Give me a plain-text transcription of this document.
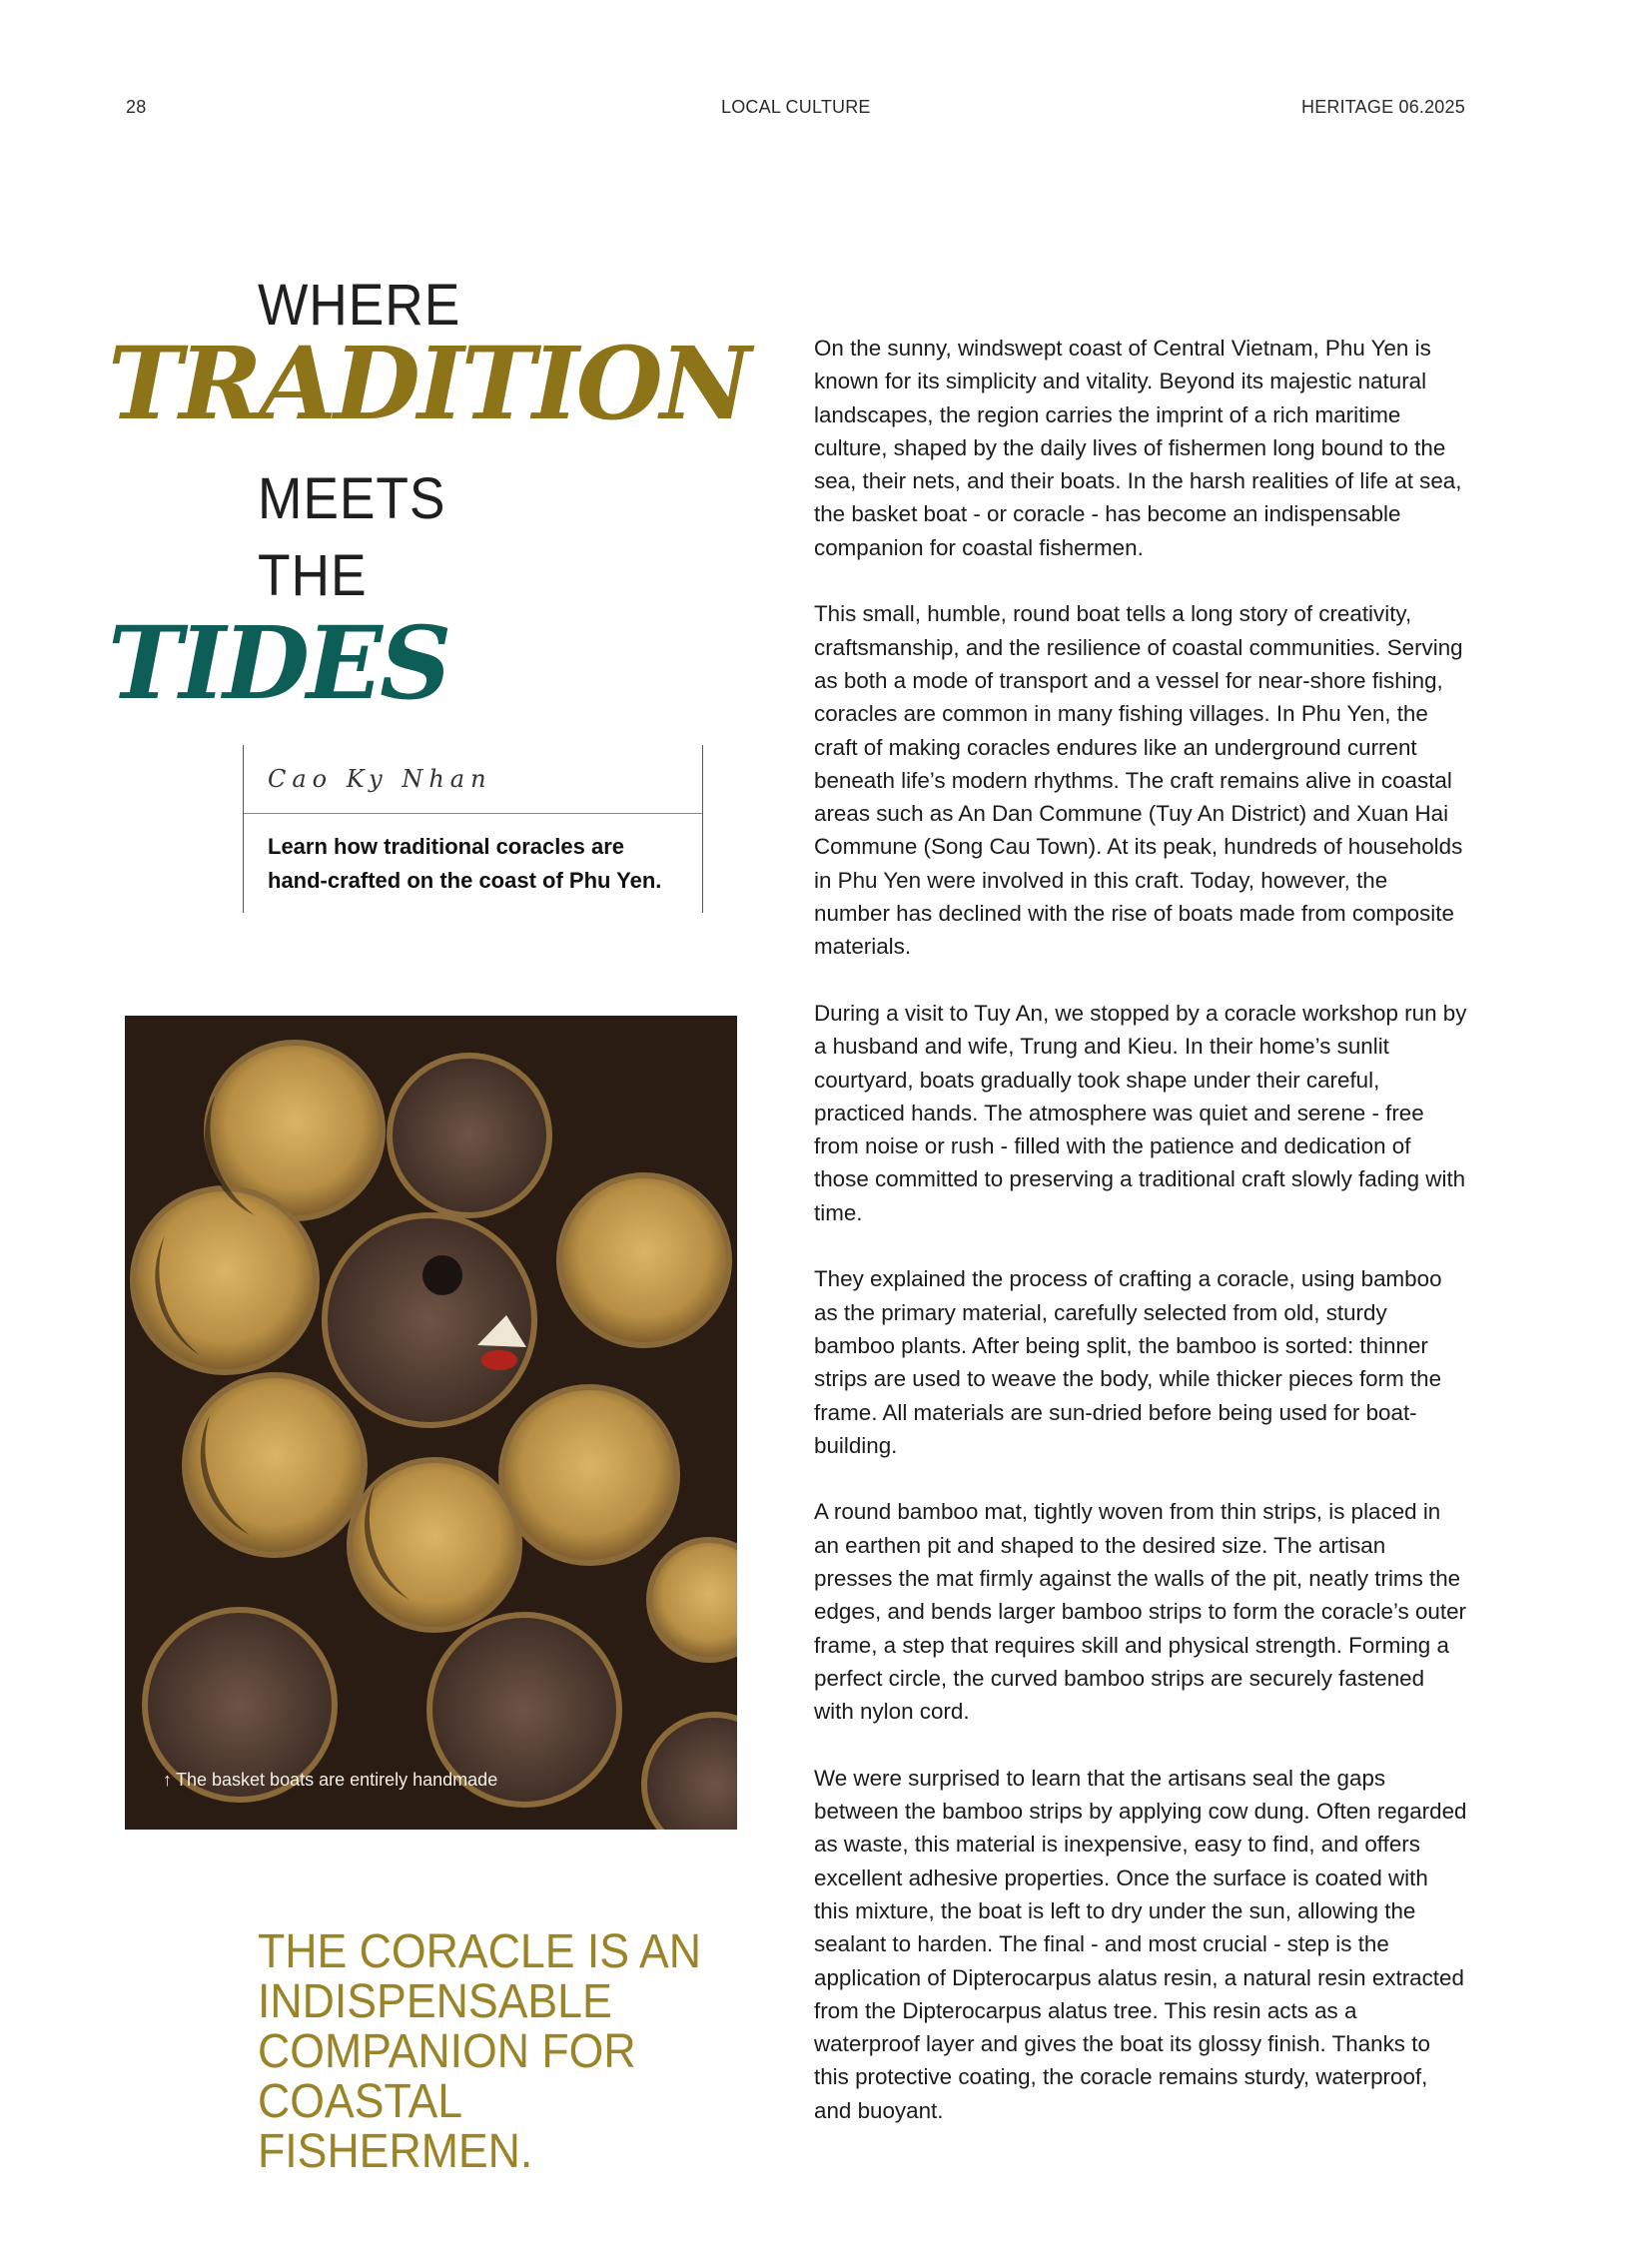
28	LOCAL CULTURE	HERITAGE 06.2025
WHERE
TRADITION
MEETS
THE
TIDES
Cao Ky Nhan
Learn how traditional coracles are hand-crafted on the coast of Phu Yen.
↑ The basket boats are entirely handmade
THE CORACLE IS AN INDISPENSABLE COMPANION FOR COASTAL FISHERMEN.

On the sunny, windswept coast of Central Vietnam, Phu Yen is known for its simplicity and vitality. Beyond its majestic natural landscapes, the region carries the imprint of a rich maritime culture, shaped by the daily lives of fishermen long bound to the sea, their nets, and their boats. In the harsh realities of life at sea, the basket boat - or coracle - has become an indispensable companion for coastal fishermen.

This small, humble, round boat tells a long story of creativity, craftsmanship, and the resilience of coastal communities. Serving as both a mode of transport and a vessel for near-shore fishing, coracles are common in many fishing villages. In Phu Yen, the craft of making coracles endures like an underground current beneath life’s modern rhythms. The craft remains alive in coastal areas such as An Dan Commune (Tuy An District) and Xuan Hai Commune (Song Cau Town). At its peak, hundreds of households in Phu Yen were involved in this craft. Today, however, the number has declined with the rise of boats made from composite materials.

During a visit to Tuy An, we stopped by a coracle workshop run by a husband and wife, Trung and Kieu. In their home’s sunlit courtyard, boats gradually took shape under their careful, practiced hands. The atmosphere was quiet and serene - free from noise or rush - filled with the patience and dedication of those committed to preserving a traditional craft slowly fading with time.

They explained the process of crafting a coracle, using bamboo as the primary material, carefully selected from old, sturdy bamboo plants. After being split, the bamboo is sorted: thinner strips are used to weave the body, while thicker pieces form the frame. All materials are sun-dried before being used for boat-building.

A round bamboo mat, tightly woven from thin strips, is placed in an earthen pit and shaped to the desired size. The artisan presses the mat firmly against the walls of the pit, neatly trims the edges, and bends larger bamboo strips to form the coracle’s outer frame, a step that requires skill and physical strength. Forming a perfect circle, the curved bamboo strips are securely fastened with nylon cord.

We were surprised to learn that the artisans seal the gaps between the bamboo strips by applying cow dung. Often regarded as waste, this material is inexpensive, easy to find, and offers excellent adhesive properties. Once the surface is coated with this mixture, the boat is left to dry under the sun, allowing the sealant to harden. The final - and most crucial - step is the application of Dipterocarpus alatus resin, a natural resin extracted from the Dipterocarpus alatus tree. This resin acts as a waterproof layer and gives the boat its glossy finish. Thanks to this protective coating, the coracle remains sturdy, waterproof, and buoyant.
